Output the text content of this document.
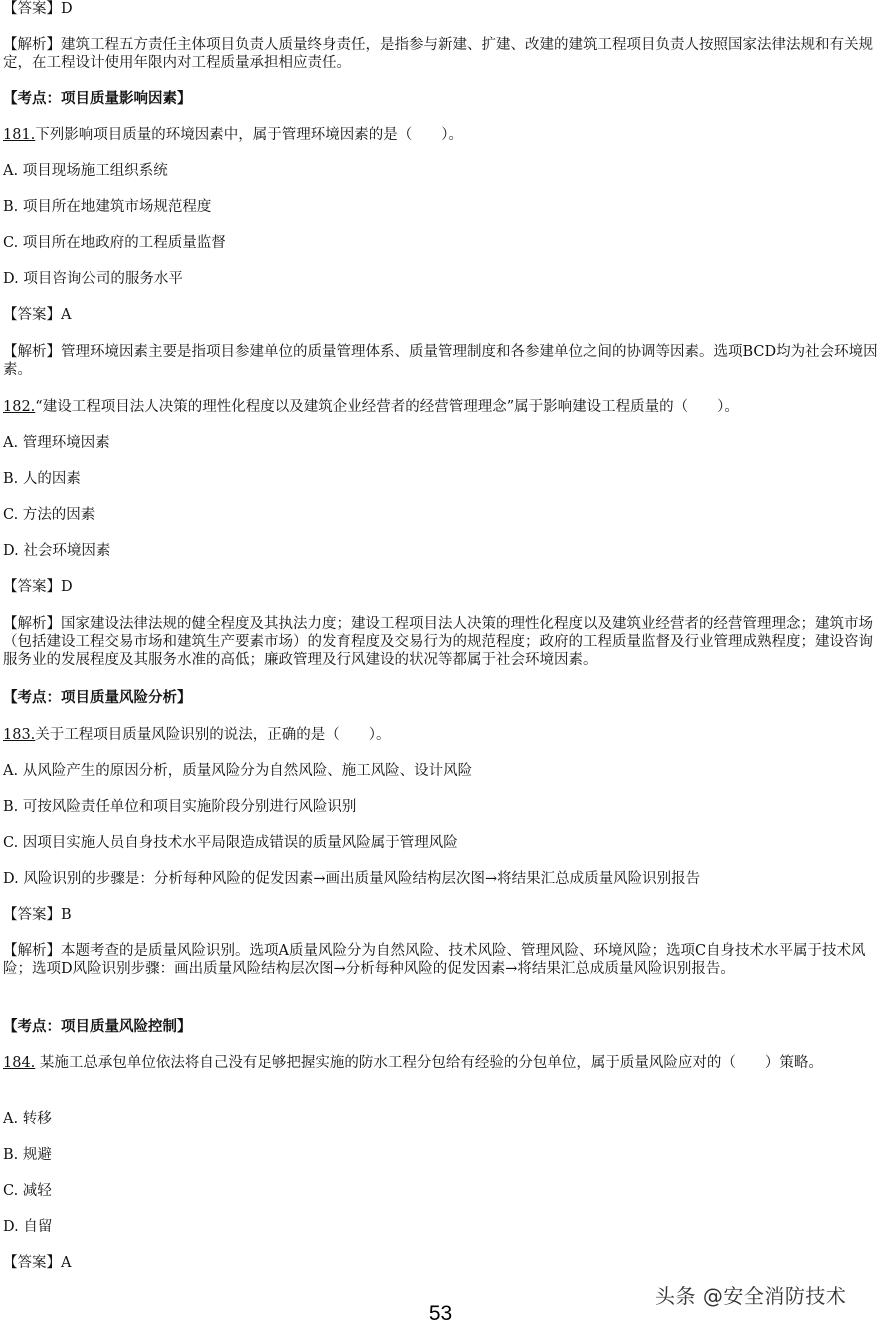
【答案】D

【解析】建筑工程五方责任主体项目负责人质量终身责任，是指参与新建、扩建、改建的建筑工程项目负责人按照国家法律法规和有关规定，在工程设计使用年限内对工程质量承担相应责任。

【考点：项目质量影响因素】

181.下列影响项目质量的环境因素中，属于管理环境因素的是（　　）。

A. 项目现场施工组织系统

B. 项目所在地建筑市场规范程度

C. 项目所在地政府的工程质量监督

D. 项目咨询公司的服务水平

【答案】A

【解析】管理环境因素主要是指项目参建单位的质量管理体系、质量管理制度和各参建单位之间的协调等因素。选项BCD均为社会环境因素。

182.“建设工程项目法人决策的理性化程度以及建筑企业经营者的经营管理理念”属于影响建设工程质量的（　　）。

A. 管理环境因素

B. 人的因素

C. 方法的因素

D. 社会环境因素

【答案】D

【解析】国家建设法律法规的健全程度及其执法力度；建设工程项目法人决策的理性化程度以及建筑业经营者的经营管理理念；建筑市场（包括建设工程交易市场和建筑生产要素市场）的发育程度及交易行为的规范程度；政府的工程质量监督及行业管理成熟程度；建设咨询服务业的发展程度及其服务水准的高低；廉政管理及行风建设的状况等都属于社会环境因素。

【考点：项目质量风险分析】

183.关于工程项目质量风险识别的说法，正确的是（　　）。

A. 从风险产生的原因分析，质量风险分为自然风险、施工风险、设计风险

B. 可按风险责任单位和项目实施阶段分别进行风险识别

C. 因项目实施人员自身技术水平局限造成错误的质量风险属于管理风险

D. 风险识别的步骤是：分析每种风险的促发因素→画出质量风险结构层次图→将结果汇总成质量风险识别报告

【答案】B

【解析】本题考查的是质量风险识别。选项A质量风险分为自然风险、技术风险、管理风险、环境风险；选项C自身技术水平属于技术风险；选项D风险识别步骤：画出质量风险结构层次图→分析每种风险的促发因素→将结果汇总成质量风险识别报告。

【考点：项目质量风险控制】

184. 某施工总承包单位依法将自己没有足够把握实施的防水工程分包给有经验的分包单位，属于质量风险应对的（　　）策略。

A. 转移

B. 规避

C. 减轻

D. 自留

【答案】A

头条 @安全消防技术
53
